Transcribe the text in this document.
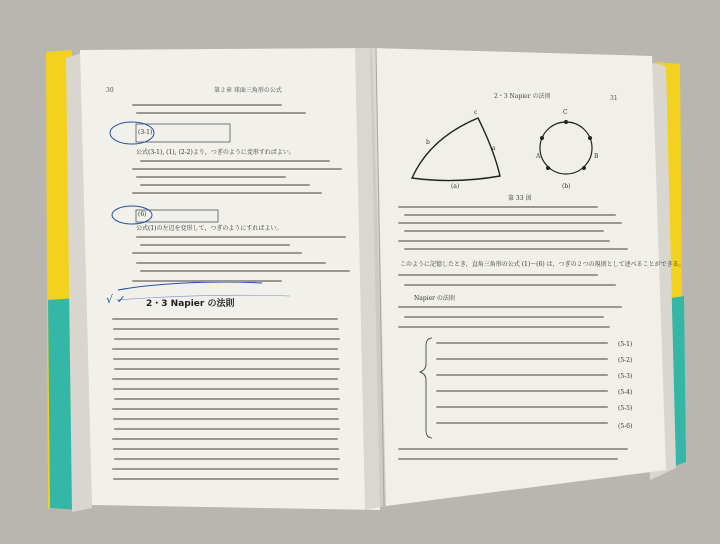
30	第２章 球面三角形の公式
(3-1)
(6)
公式(3-1), (1), (2-2)より，つぎのように変形すればよい。
公式(1)の左辺を変形して，つぎのようにすればよい。
2・3 Napier の法則
√ ✓
31
2・3 Napier の法則
(a)	(b)
第 33 図
c
b
a
A	B
C
このように記憶したとき，直角三角形の公式 (1)～(6) は，つぎの２つの規則として述べることができる。
Napier の法則
(5-1)
(5-2)
(5-3)
(5-4)
(5-5)
(5-6)
